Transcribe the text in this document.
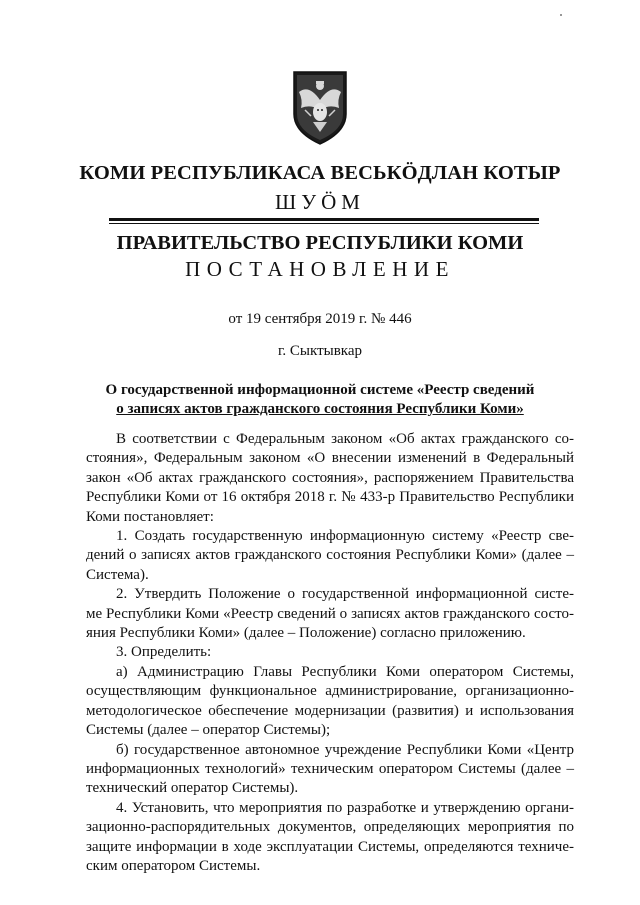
КОМИ РЕСПУБЛИКАСА ВЕСЬКӦДЛАН КОТЫР
ШУӦМ
ПРАВИТЕЛЬСТВО РЕСПУБЛИКИ КОМИ
ПОСТАНОВЛЕНИЕ
от 19 сентября 2019 г. № 446
г. Сыктывкар
О государственной информационной системе «Реестр сведений
о записях актов гражданского состояния Республики Коми»
В соответствии с Федеральным законом «Об актах гражданского со-
стояния», Федеральным законом «О внесении изменений в Федеральный
закон «Об актах гражданского состояния», распоряжением Правительства
Республики Коми от 16 октября 2018 г. № 433-р Правительство Республики
Коми постановляет:
1. Создать государственную информационную систему «Реестр све-
дений о записях актов гражданского состояния Республики Коми» (далее –
Система).
2. Утвердить Положение о государственной информационной систе-
ме Республики Коми «Реестр сведений о записях актов гражданского состо-
яния Республики Коми» (далее – Положение) согласно приложению.
3. Определить:
а) Администрацию Главы Республики Коми оператором Системы,
осуществляющим функциональное администрирование, организационно-
методологическое обеспечение модернизации (развития) и использования
Системы (далее – оператор Системы);
б) государственное автономное учреждение Республики Коми «Центр
информационных технологий» техническим оператором Системы (далее –
технический оператор Системы).
4. Установить, что мероприятия по разработке и утверждению органи-
зационно-распорядительных документов, определяющих мероприятия по
защите информации в ходе эксплуатации Системы, определяются техниче-
ским оператором Системы.
